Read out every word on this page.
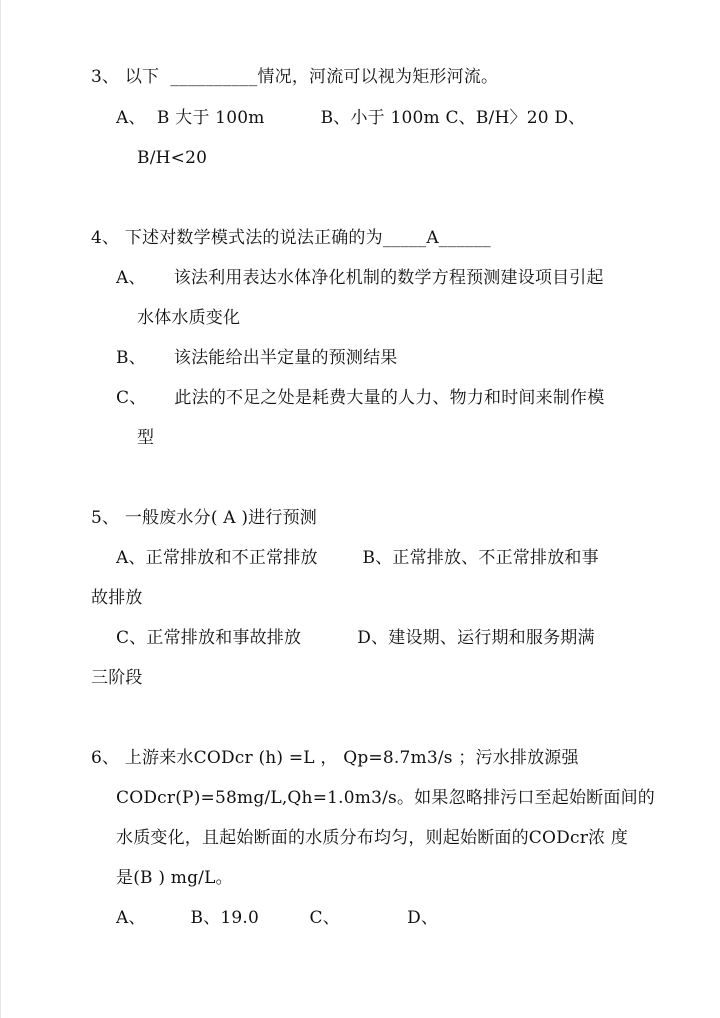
3、 以下  __________情况，河流可以视为矩形河流。
A、  B 大于 100m          B、小于 100m C、B/H〉20 D、
B/H<20
4、 下述对数学模式法的说法正确的为_____A______
A、     该法利用表达水体净化机制的数学方程预测建设项目引起
水体水质变化
B、     该法能给出半定量的预测结果
C、     此法的不足之处是耗费大量的人力、物力和时间来制作模
型
5、 一般废水分( A )进行预测
A、正常排放和不正常排放        B、正常排放、不正常排放和事
故排放
C、正常排放和事故排放          D、建设期、运行期和服务期满
三阶段
6、 上游来水CODcr (h) =L ， Qp=8.7m3/s ；污水排放源强
CODcr(P)=58mg/L,Qh=1.0m3/s。如果忽略排污口至起始断面间的
水质变化，且起始断面的水质分布均匀，则起始断面的CODcr浓 度
是(B ) mg/L。
A、        B、19.0         C、            D、
